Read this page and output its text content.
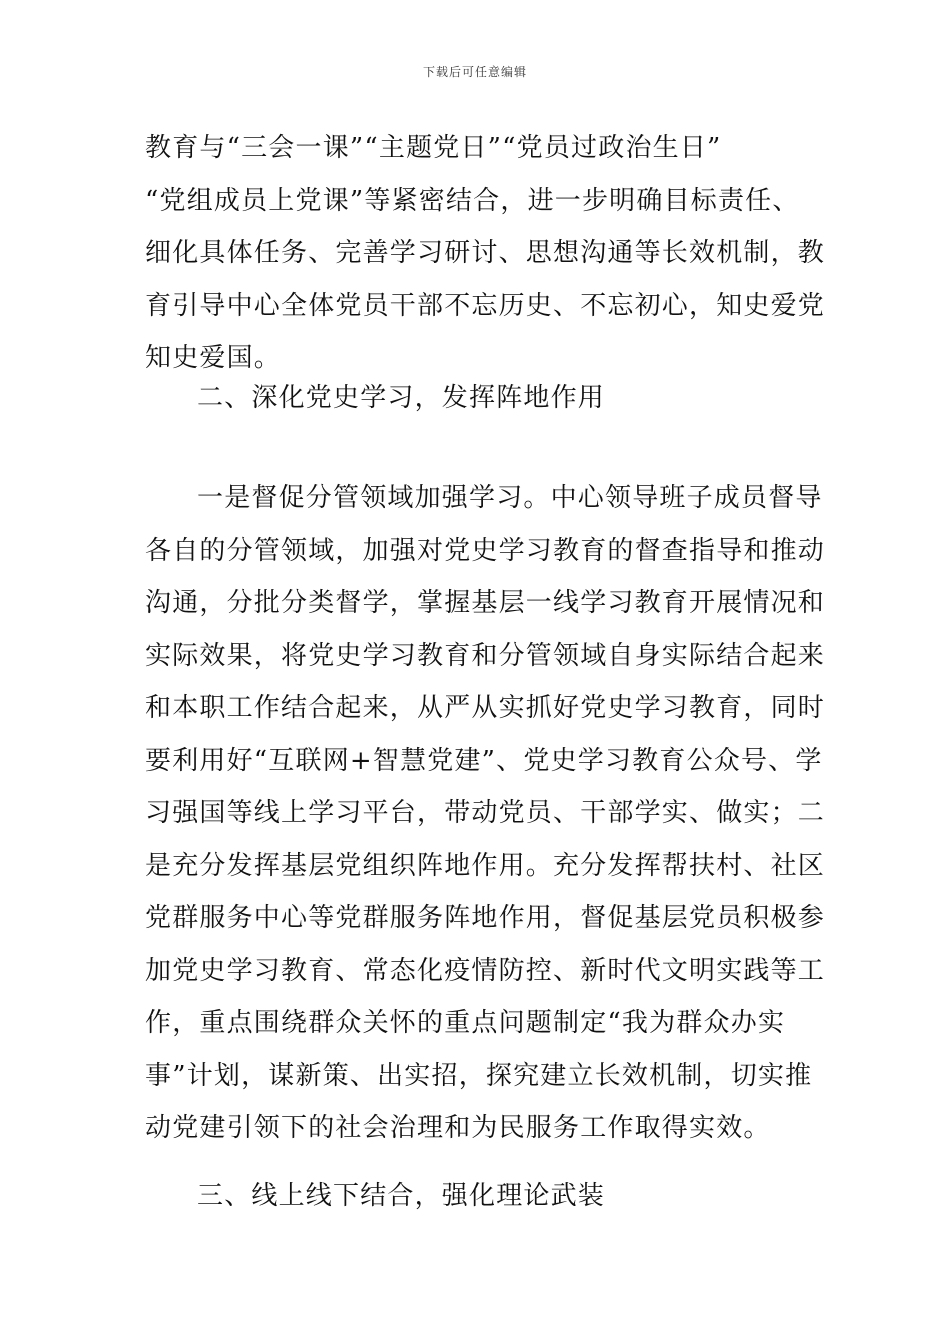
下载后可任意编辑
教育与“三会一课”“主题党日”“党员过政治生日”
“党组成员上党课”等紧密结合，进一步明确目标责任、
细化具体任务、完善学习研讨、思想沟通等长效机制，教
育引导中心全体党员干部不忘历史、不忘初心，知史爱党
知史爱国。
二、深化党史学习，发挥阵地作用
一是督促分管领域加强学习。中心领导班子成员督导
各自的分管领域，加强对党史学习教育的督查指导和推动
沟通，分批分类督学，掌握基层一线学习教育开展情况和
实际效果，将党史学习教育和分管领域自身实际结合起来
和本职工作结合起来，从严从实抓好党史学习教育，同时
要利用好“互联网+智慧党建”、党史学习教育公众号、学
习强国等线上学习平台，带动党员、干部学实、做实；二
是充分发挥基层党组织阵地作用。充分发挥帮扶村、社区
党群服务中心等党群服务阵地作用，督促基层党员积极参
加党史学习教育、常态化疫情防控、新时代文明实践等工
作，重点围绕群众关怀的重点问题制定“我为群众办实
事”计划，谋新策、出实招，探究建立长效机制，切实推
动党建引领下的社会治理和为民服务工作取得实效。
三、线上线下结合，强化理论武装
